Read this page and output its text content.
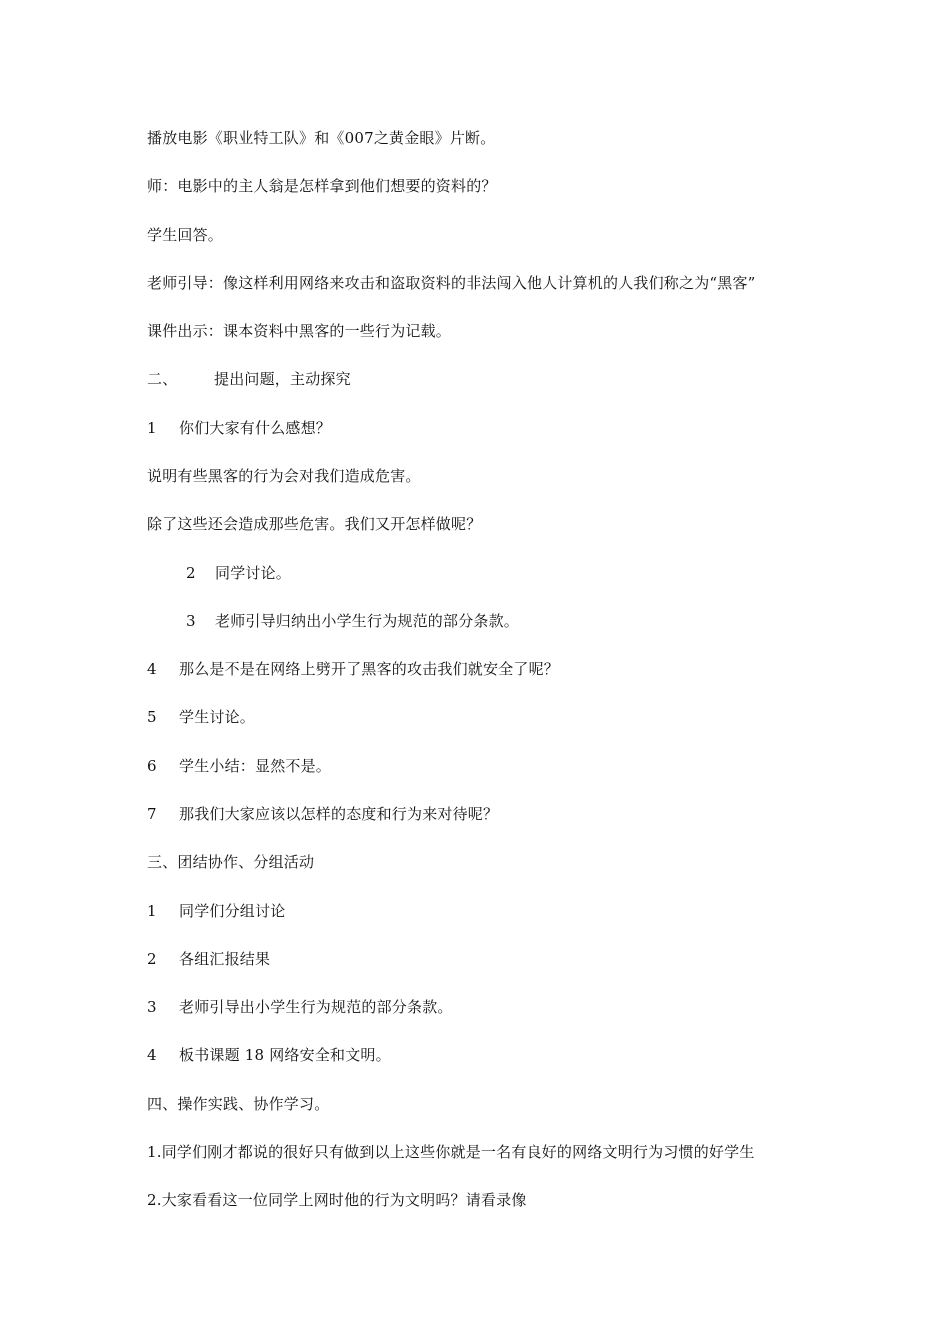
播放电影《职业特工队》和《007之黄金眼》片断。
师：电影中的主人翁是怎样拿到他们想要的资料的？
学生回答。
老师引导：像这样利用网络来攻击和盗取资料的非法闯入他人计算机的人我们称之为“黑客”
课件出示：课本资料中黑客的一些行为记载。
二、 提出问题，主动探究
1 你们大家有什么感想？
说明有些黑客的行为会对我们造成危害。
除了这些还会造成那些危害。我们又开怎样做呢？
2 同学讨论。
3 老师引导归纳出小学生行为规范的部分条款。
4 那么是不是在网络上劈开了黑客的攻击我们就安全了呢？
5 学生讨论。
6 学生小结：显然不是。
7 那我们大家应该以怎样的态度和行为来对待呢？
三、团结协作、分组活动
1 同学们分组讨论
2 各组汇报结果
3 老师引导出小学生行为规范的部分条款。
4 板书课题 18 网络安全和文明。
四、操作实践、协作学习。
1.同学们刚才都说的很好只有做到以上这些你就是一名有良好的网络文明行为习惯的好学生
2.大家看看这一位同学上网时他的行为文明吗？请看录像
